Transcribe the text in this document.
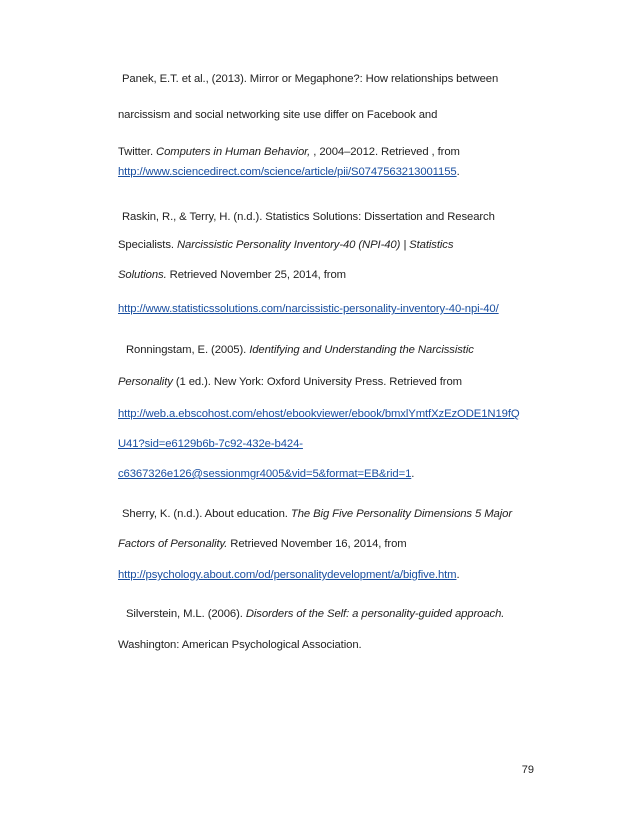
Panek, E.T. et al., (2013). Mirror or Megaphone?: How relationships between
narcissism and social networking site use differ on Facebook and
Twitter. Computers in Human Behavior, , 2004–2012. Retrieved , from
http://www.sciencedirect.com/science/article/pii/S0747563213001155.
Raskin, R., & Terry, H. (n.d.). Statistics Solutions: Dissertation and Research
Specialists. Narcissistic Personality Inventory-40 (NPI-40) | Statistics
Solutions. Retrieved November 25, 2014, from
http://www.statisticssolutions.com/narcissistic-personality-inventory-40-npi-40/
Ronningstam, E. (2005). Identifying and Understanding the Narcissistic
Personality (1 ed.). New York: Oxford University Press. Retrieved from
http://web.a.ebscohost.com/ehost/ebookviewer/ebook/bmxlYmtfXzEzODE1N19fQ
U41?sid=e6129b6b-7c92-432e-b424-
c6367326e126@sessionmgr4005&vid=5&format=EB&rid=1.
Sherry, K. (n.d.). About education. The Big Five Personality Dimensions 5 Major
Factors of Personality. Retrieved November 16, 2014, from
http://psychology.about.com/od/personalitydevelopment/a/bigfive.htm.
Silverstein, M.L. (2006). Disorders of the Self: a personality-guided approach.
Washington: American Psychological Association.
79
